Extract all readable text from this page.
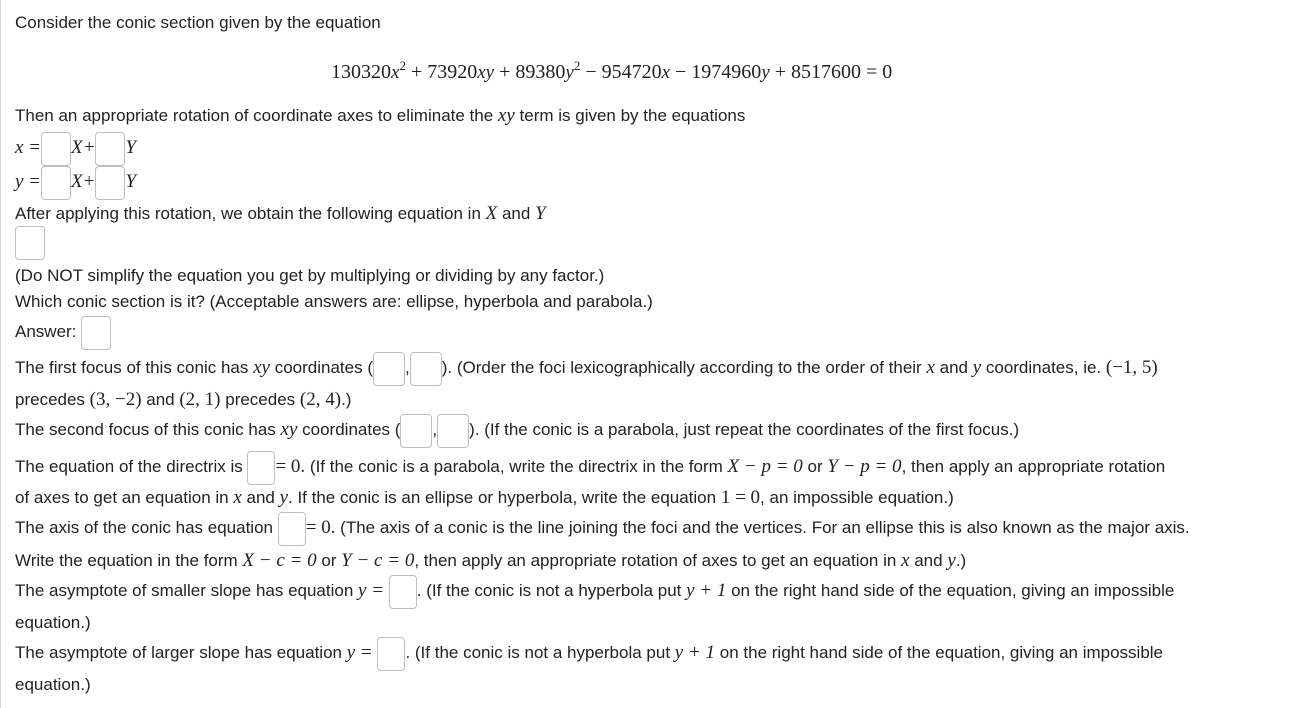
Consider the conic section given by the equation
$130320x^2 + 73920xy + 89380y^2 - 954720x - 1974960y + 8517600 = 0$
Then an appropriate rotation of coordinate axes to eliminate the xy term is given by the equations
x = X+ Y
y = X+ Y
After applying this rotation, we obtain the following equation in X and Y
(Do NOT simplify the equation you get by multiplying or dividing by any factor.)
Which conic section is it? (Acceptable answers are: ellipse, hyperbola and parabola.)
Answer:
The first focus of this conic has xy coordinates ( , ). (Order the foci lexicographically according to the order of their x and y coordinates, ie. (−1, 5)
precedes (3, −2) and (2, 1) precedes (2, 4).)
The second focus of this conic has xy coordinates ( , ). (If the conic is a parabola, just repeat the coordinates of the first focus.)
The equation of the directrix is = 0. (If the conic is a parabola, write the directrix in the form X − p = 0 or Y − p = 0, then apply an appropriate rotation
of axes to get an equation in x and y. If the conic is an ellipse or hyperbola, write the equation 1 = 0, an impossible equation.)
The axis of the conic has equation = 0. (The axis of a conic is the line joining the foci and the vertices. For an ellipse this is also known as the major axis.
Write the equation in the form X − c = 0 or Y − c = 0, then apply an appropriate rotation of axes to get an equation in x and y.)
The asymptote of smaller slope has equation y = . (If the conic is not a hyperbola put y + 1 on the right hand side of the equation, giving an impossible
equation.)
The asymptote of larger slope has equation y = . (If the conic is not a hyperbola put y + 1 on the right hand side of the equation, giving an impossible
equation.)
